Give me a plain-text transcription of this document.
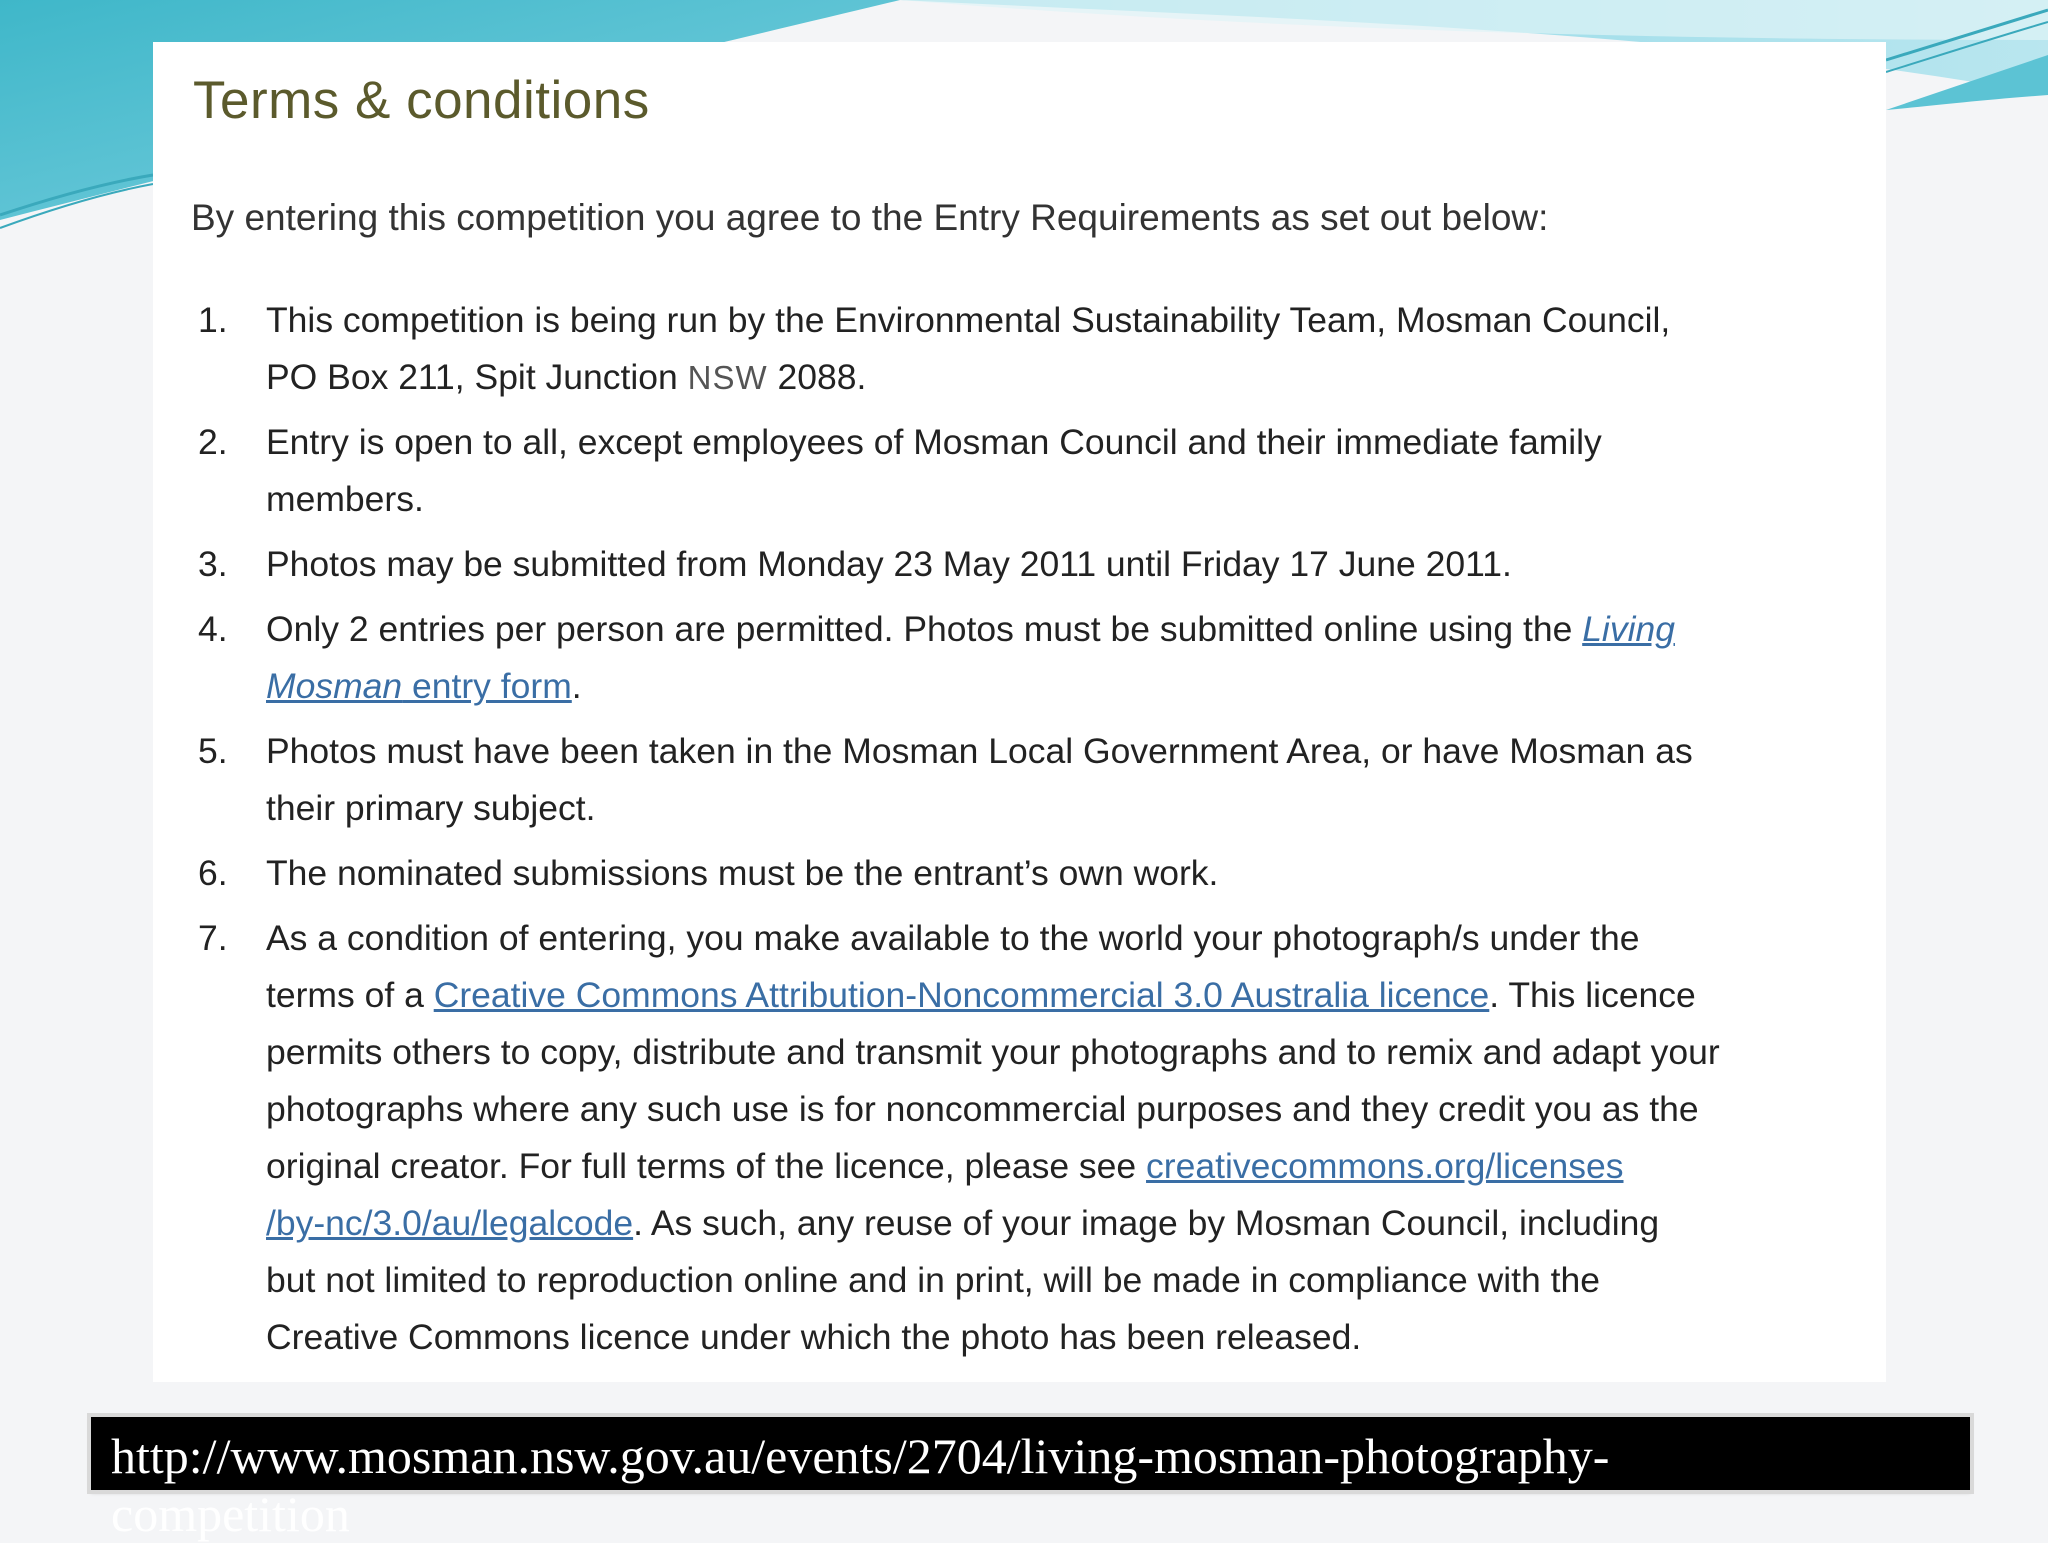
Terms & conditions

By entering this competition you agree to the Entry Requirements as set out below:

1. This competition is being run by the Environmental Sustainability Team, Mosman Council,
PO Box 211, Spit Junction NSW 2088.
2. Entry is open to all, except employees of Mosman Council and their immediate family
members.
3. Photos may be submitted from Monday 23 May 2011 until Friday 17 June 2011.
4. Only 2 entries per person are permitted. Photos must be submitted online using the Living
Mosman entry form.
5. Photos must have been taken in the Mosman Local Government Area, or have Mosman as
their primary subject.
6. The nominated submissions must be the entrant’s own work.
7. As a condition of entering, you make available to the world your photograph/s under the
terms of a Creative Commons Attribution-Noncommercial 3.0 Australia licence. This licence
permits others to copy, distribute and transmit your photographs and to remix and adapt your
photographs where any such use is for noncommercial purposes and they credit you as the
original creator. For full terms of the licence, please see creativecommons.org/licenses
/by-nc/3.0/au/legalcode. As such, any reuse of your image by Mosman Council, including
but not limited to reproduction online and in print, will be made in compliance with the
Creative Commons licence under which the photo has been released.

http://www.mosman.nsw.gov.au/events/2704/living-mosman-photography-
competition
